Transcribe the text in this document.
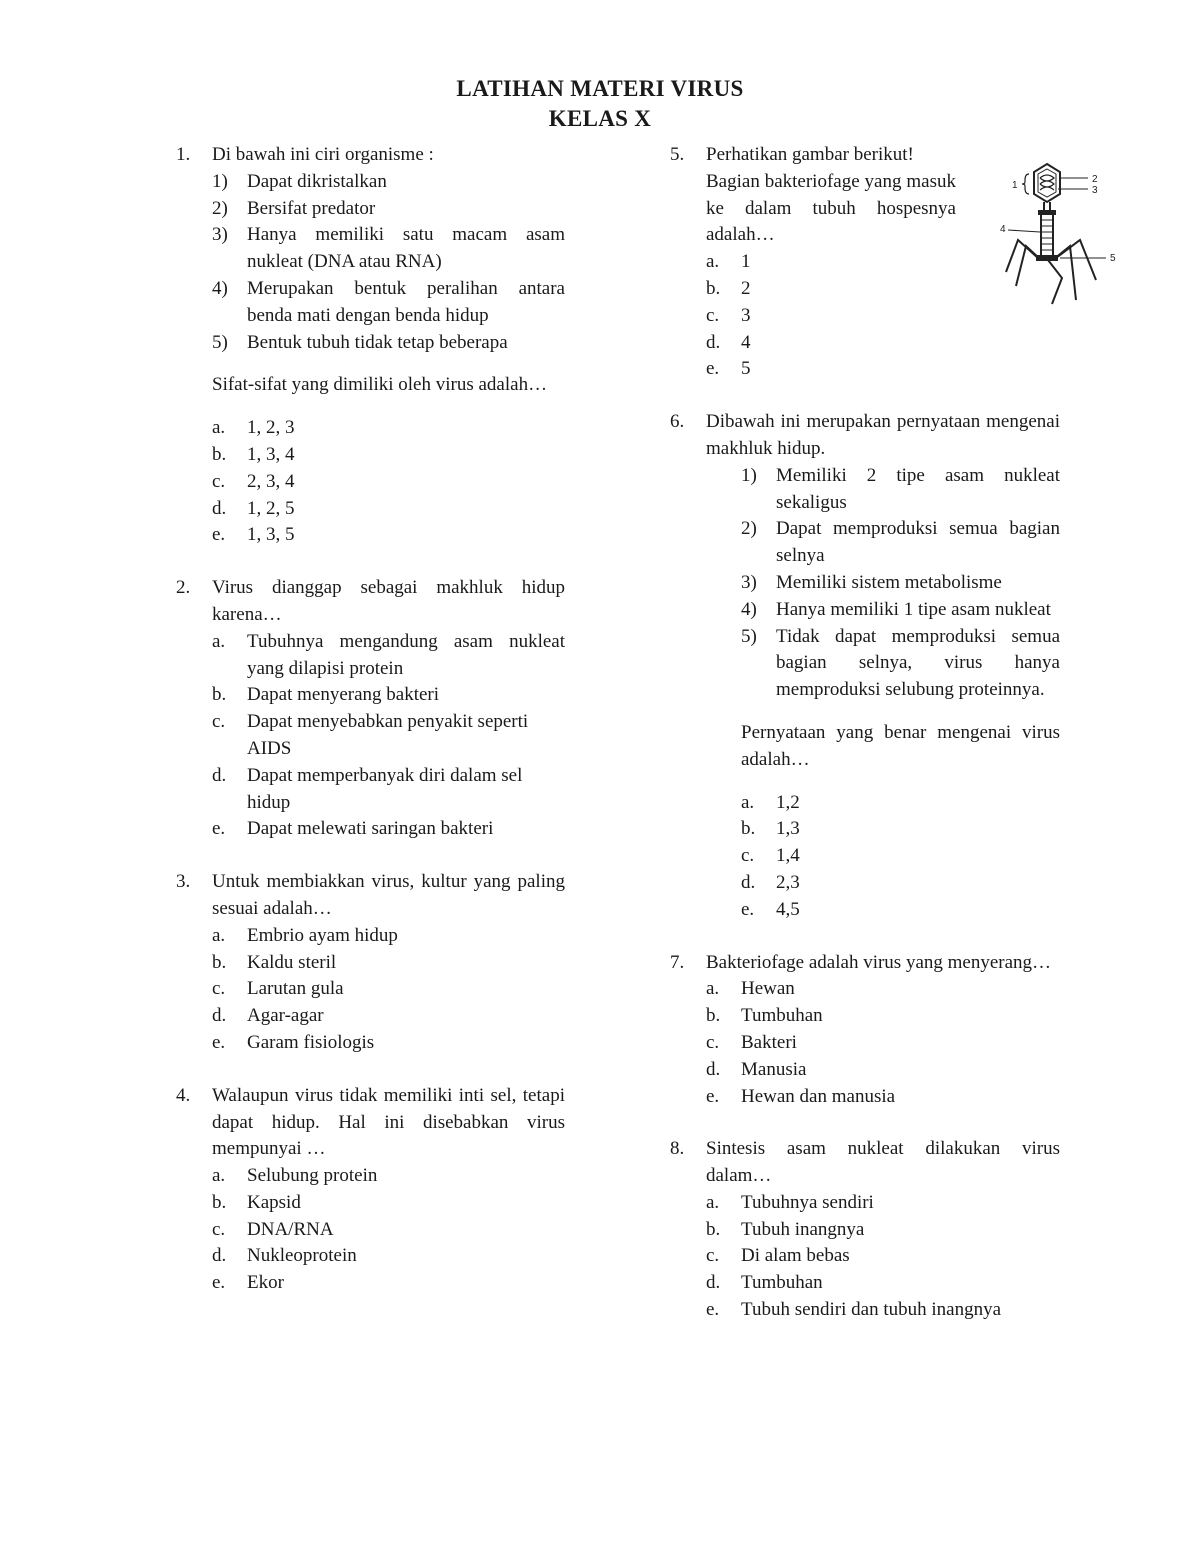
LATIHAN MATERI VIRUS
KELAS X
1. Di bawah ini ciri organisme :
1) Dapat dikristalkan
2) Bersifat predator
3) Hanya memiliki satu macam asam nukleat (DNA atau RNA)
4) Merupakan bentuk peralihan antara benda mati dengan benda hidup
5) Bentuk tubuh tidak tetap beberapa
Sifat-sifat yang dimiliki oleh virus adalah…
a. 1, 2, 3
b. 1, 3, 4
c. 2, 3, 4
d. 1, 2, 5
e. 1, 3, 5
2. Virus dianggap sebagai makhluk hidup karena…
a. Tubuhnya mengandung asam nukleat yang dilapisi protein
b. Dapat menyerang bakteri
c. Dapat menyebabkan penyakit seperti AIDS
d. Dapat memperbanyak diri dalam sel hidup
e. Dapat melewati saringan bakteri
3. Untuk membiakkan virus, kultur yang paling sesuai adalah…
a. Embrio ayam hidup
b. Kaldu steril
c. Larutan gula
d. Agar-agar
e. Garam fisiologis
4. Walaupun virus tidak memiliki inti sel, tetapi dapat hidup. Hal ini disebabkan virus mempunyai …
a. Selubung protein
b. Kapsid
c. DNA/RNA
d. Nukleoprotein
e. Ekor
5. Perhatikan gambar berikut!
Bagian bakteriofage yang masuk ke dalam tubuh hospesnya adalah…
a. 1
b. 2
c. 3
d. 4
e. 5
6. Dibawah ini merupakan pernyataan mengenai makhluk hidup.
1) Memiliki 2 tipe asam nukleat sekaligus
2) Dapat memproduksi semua bagian selnya
3) Memiliki sistem metabolisme
4) Hanya memiliki 1 tipe asam nukleat
5) Tidak dapat memproduksi semua bagian selnya, virus hanya memproduksi selubung proteinnya.
Pernyataan yang benar mengenai virus adalah…
a. 1,2
b. 1,3
c. 1,4
d. 2,3
e. 4,5
7. Bakteriofage adalah virus yang menyerang…
a. Hewan
b. Tumbuhan
c. Bakteri
d. Manusia
e. Hewan dan manusia
8. Sintesis asam nukleat dilakukan virus dalam…
a. Tubuhnya sendiri
b. Tubuh inangnya
c. Di alam bebas
d. Tumbuhan
e. Tubuh sendiri dan tubuh inangnya
1
2
3
4
5
